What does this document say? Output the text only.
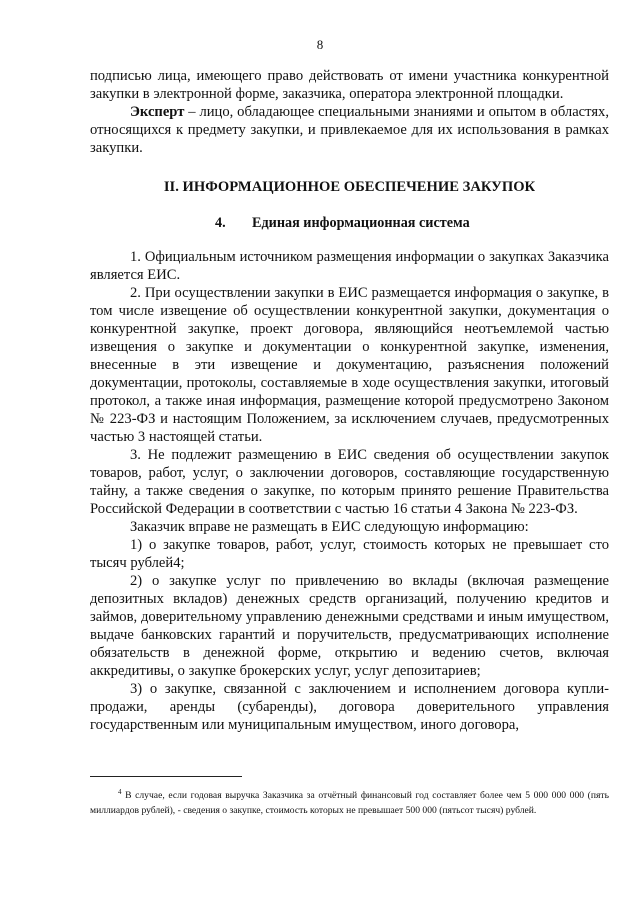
8

подписью лица, имеющего право действовать от имени участника конкурентной закупки в электронной форме, заказчика, оператора электронной площадки.

Эксперт – лицо, обладающее специальными знаниями и опытом в областях, относящихся к предмету закупки, и привлекаемое для их использования в рамках закупки.

II. ИНФОРМАЦИОННОЕ ОБЕСПЕЧЕНИЕ ЗАКУПОК

4. Единая информационная система

1. Официальным источником размещения информации о закупках Заказчика является ЕИС.

2. При осуществлении закупки в ЕИС размещается информация о закупке, в том числе извещение об осуществлении конкурентной закупки, документация о конкурентной закупке, проект договора, являющийся неотъемлемой частью извещения о закупке и документации о конкурентной закупке, изменения, внесенные в эти извещение и документацию, разъяснения положений документации, протоколы, составляемые в ходе осуществления закупки, итоговый протокол, а также иная информация, размещение которой предусмотрено Законом № 223-ФЗ и настоящим Положением, за исключением случаев, предусмотренных частью 3 настоящей статьи.

3. Не подлежит размещению в ЕИС сведения об осуществлении закупок товаров, работ, услуг, о заключении договоров, составляющие государственную тайну, а также сведения о закупке, по которым принято решение Правительства Российской Федерации в соответствии с частью 16 статьи 4 Закона № 223-ФЗ.

Заказчик вправе не размещать в ЕИС следующую информацию:

1) о закупке товаров, работ, услуг, стоимость которых не превышает сто тысяч рублей4;

2) о закупке услуг по привлечению во вклады (включая размещение депозитных вкладов) денежных средств организаций, получению кредитов и займов, доверительному управлению денежными средствами и иным имуществом, выдаче банковских гарантий и поручительств, предусматривающих исполнение обязательств в денежной форме, открытию и ведению счетов, включая аккредитивы, о закупке брокерских услуг, услуг депозитариев;

3) о закупке, связанной с заключением и исполнением договора купли-продажи, аренды (субаренды), договора доверительного управления государственным или муниципальным имуществом, иного договора,

$^4$ В случае, если годовая выручка Заказчика за отчётный финансовый год составляет более чем 5 000 000 000 (пять миллиардов рублей), - сведения о закупке, стоимость которых не превышает 500 000 (пятьсот тысяч) рублей.
